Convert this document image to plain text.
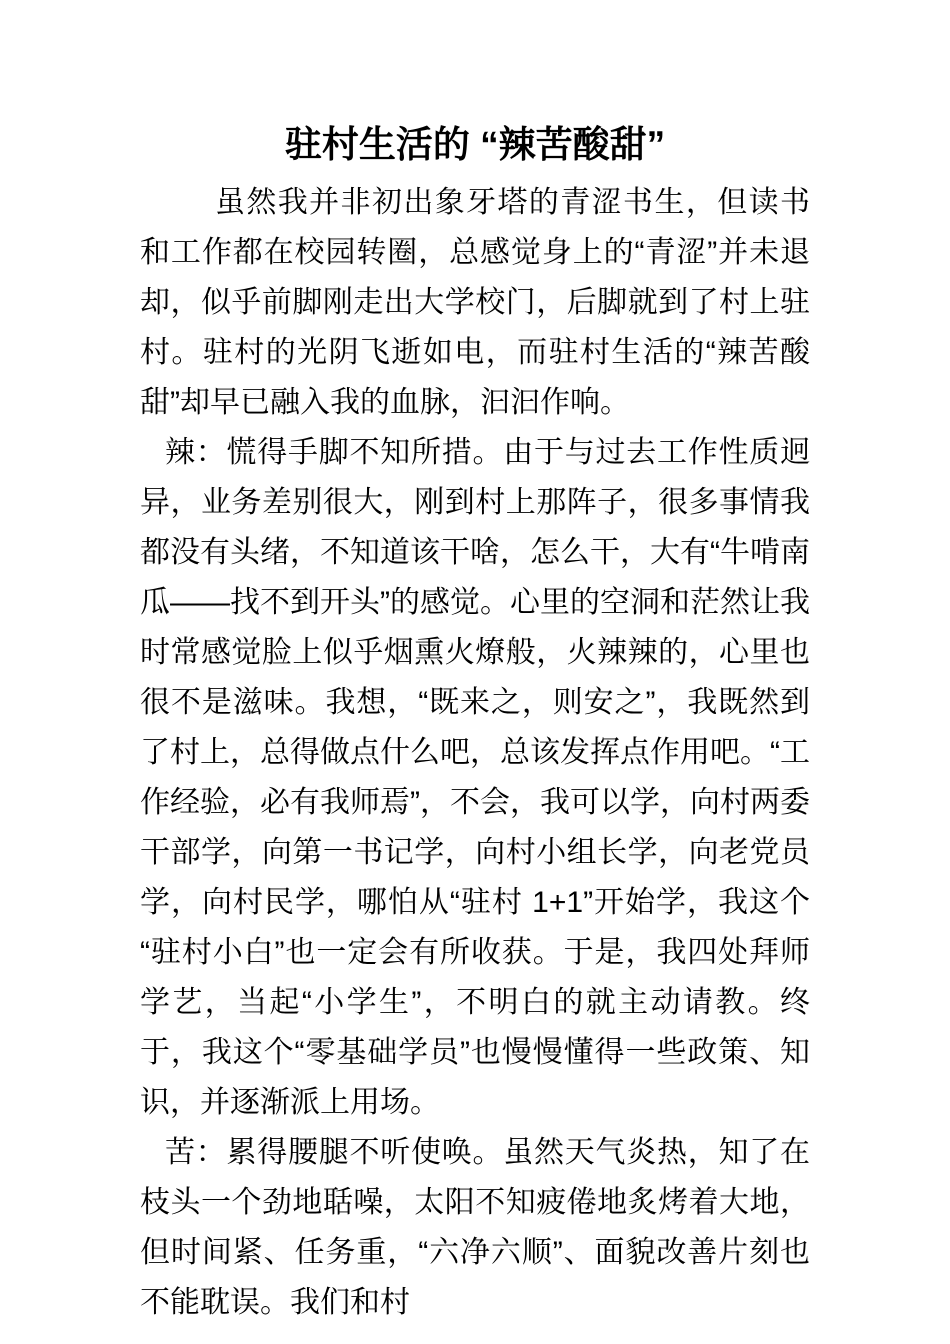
驻村生活的 “辣苦酸甜”

虽然我并非初出象牙塔的青涩书生，但读书和工作都在校园转圈，总感觉身上的“青涩”并未退却，似乎前脚刚走出大学校门，后脚就到了村上驻村。驻村的光阴飞逝如电，而驻村生活的“辣苦酸甜”却早已融入我的血脉，汩汩作响。

辣：慌得手脚不知所措。由于与过去工作性质迥异，业务差别很大，刚到村上那阵子，很多事情我都没有头绪，不知道该干啥，怎么干，大有“牛啃南瓜——找不到开头”的感觉。心里的空洞和茫然让我时常感觉脸上似乎烟熏火燎般，火辣辣的，心里也很不是滋味。我想，“既来之，则安之”，我既然到了村上，总得做点什么吧，总该发挥点作用吧。“工作经验，必有我师焉”，不会，我可以学，向村两委干部学，向第一书记学，向村小组长学，向老党员学，向村民学，哪怕从“驻村 1+1”开始学，我这个“驻村小白”也一定会有所收获。于是，我四处拜师学艺，当起“小学生”，不明白的就主动请教。终于，我这个“零基础学员”也慢慢懂得一些政策、知识，并逐渐派上用场。

苦：累得腰腿不听使唤。虽然天气炎热，知了在枝头一个劲地聒噪，太阳不知疲倦地炙烤着大地，但时间紧、任务重，“六净六顺”、面貌改善片刻也不能耽误。我们和村
